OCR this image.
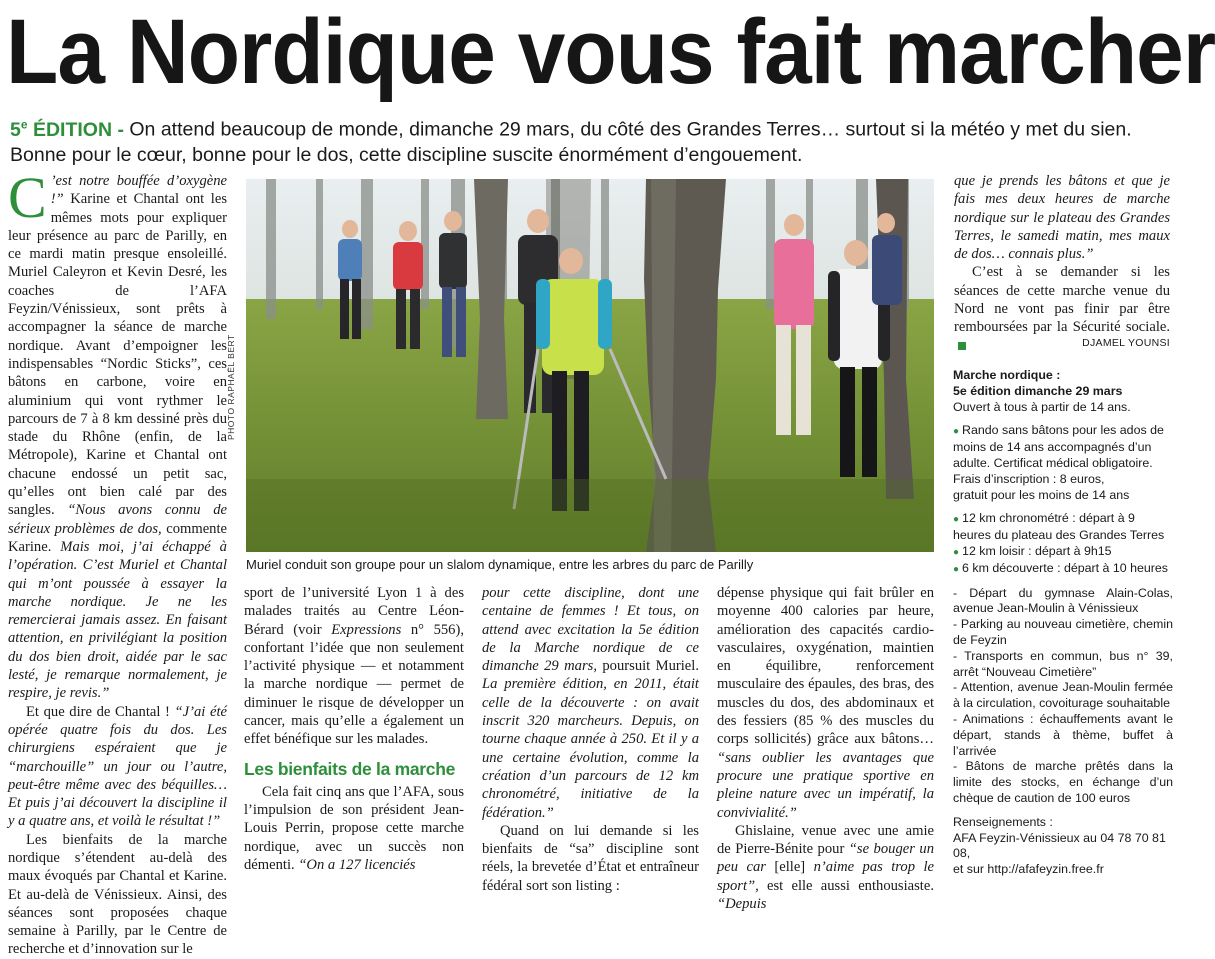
La Nordique vous fait marcher
5e ÉDITION - On attend beaucoup de monde, dimanche 29 mars, du côté des Grandes Terres… surtout si la météo y met du sien. Bonne pour le cœur, bonne pour le dos, cette discipline suscite énormément d’engouement.

C ’est notre bouffée d’oxygène !” Karine et Chantal ont les mêmes mots pour expliquer leur présence au parc de Parilly, en ce mardi matin presque ensoleillé. Muriel Caleyron et Kevin Desré, les coaches de l’AFA Feyzin/Vénissieux, sont prêts à accompagner la séance de marche nordique. Avant d’empoigner les indispensables “Nordic Sticks”, ces bâtons en carbone, voire en aluminium qui vont rythmer le parcours de 7 à 8 km dessiné près du stade du Rhône (enfin, de la Métropole), Karine et Chantal ont chacune endossé un petit sac, qu’elles ont bien calé par des sangles. “Nous avons connu de sérieux problèmes de dos, commente Karine. Mais moi, j’ai échappé à l’opération. C’est Muriel et Chantal qui m’ont poussée à essayer la marche nordique. Je ne les remercierai jamais assez. En faisant attention, en privilégiant la position du dos bien droit, aidée par le sac lesté, je remarque normalement, je respire, je revis.”

Et que dire de Chantal ! “J’ai été opérée quatre fois du dos. Les chirurgiens espéraient que je “marchouille” un jour ou l’autre, peut-être même avec des béquilles… Et puis j’ai découvert la discipline il y a quatre ans, et voilà le résultat !”

Les bienfaits de la marche nordique s’étendent au-delà des maux évoqués par Chantal et Karine. Et au-delà de Vénissieux. Ainsi, des séances sont proposées chaque semaine à Parilly, par le Centre de recherche et d’innovation sur le

PHOTO RAPHAËL BERT
Muriel conduit son groupe pour un slalom dynamique, entre les arbres du parc de Parilly

sport de l’université Lyon 1 à des malades traités au Centre Léon-Bérard (voir Expressions n° 556), confortant l’idée que non seulement l’activité physique — et notamment la marche nordique — permet de diminuer le risque de développer un cancer, mais qu’elle a également un effet bénéfique sur les malades.

Les bienfaits de la marche

Cela fait cinq ans que l’AFA, sous l’impulsion de son président Jean-Louis Perrin, propose cette marche nordique, avec un succès non démenti. “On a 127 licenciés

pour cette discipline, dont une centaine de femmes ! Et tous, on attend avec excitation la 5e édition de la Marche nordique de ce dimanche 29 mars, poursuit Muriel. La première édition, en 2011, était celle de la découverte : on avait inscrit 320 marcheurs. Depuis, on tourne chaque année à 250. Et il y a une certaine évolution, comme la création d’un parcours de 12 km chronométré, initiative de la fédération.”

Quand on lui demande si les bienfaits de “sa” discipline sont réels, la brevetée d’État et entraîneur fédéral sort son listing :

dépense physique qui fait brûler en moyenne 400 calories par heure, amélioration des capacités cardio-vasculaires, oxygénation, maintien en équilibre, renforcement musculaire des épaules, des bras, des muscles du dos, des abdominaux et des fessiers (85 % des muscles du corps sollicités) grâce aux bâtons… “sans oublier les avantages que procure une pratique sportive en pleine nature avec un impératif, la convivialité.”

Ghislaine, venue avec une amie de Pierre-Bénite pour “se bouger un peu car [elle] n’aime pas trop le sport”, est elle aussi enthousiaste. “Depuis

que je prends les bâtons et que je fais mes deux heures de marche nordique sur le plateau des Grandes Terres, le samedi matin, mes maux de dos… connais plus.”

C’est à se demander si les séances de cette marche venue du Nord ne vont pas finir par être remboursées par la Sécurité sociale.

DJAMEL YOUNSI
Marche nordique :
5e édition dimanche 29 mars
Ouvert à tous à partir de 14 ans.
● Rando sans bâtons pour les ados de moins de 14 ans accompagnés d’un adulte. Certificat médical obligatoire.
Frais d’inscription : 8 euros,
gratuit pour les moins de 14 ans
● 12 km chronométré : départ à 9 heures du plateau des Grandes Terres
● 12 km loisir : départ à 9h15
● 6 km découverte : départ à 10 heures
- Départ du gymnase Alain-Colas, avenue Jean-Moulin à Vénissieux
- Parking au nouveau cimetière, chemin de Feyzin
- Transports en commun, bus n° 39, arrêt “Nouveau Cimetière”
- Attention, avenue Jean-Moulin fermée à la circulation, covoiturage souhaitable
- Animations : échauffements avant le départ, stands à thème, buffet à l’arrivée
- Bâtons de marche prêtés dans la limite des stocks, en échange d’un chèque de caution de 100 euros
Renseignements :
AFA Feyzin-Vénissieux au 04 78 70 81 08,
et sur http://afafeyzin.free.fr
